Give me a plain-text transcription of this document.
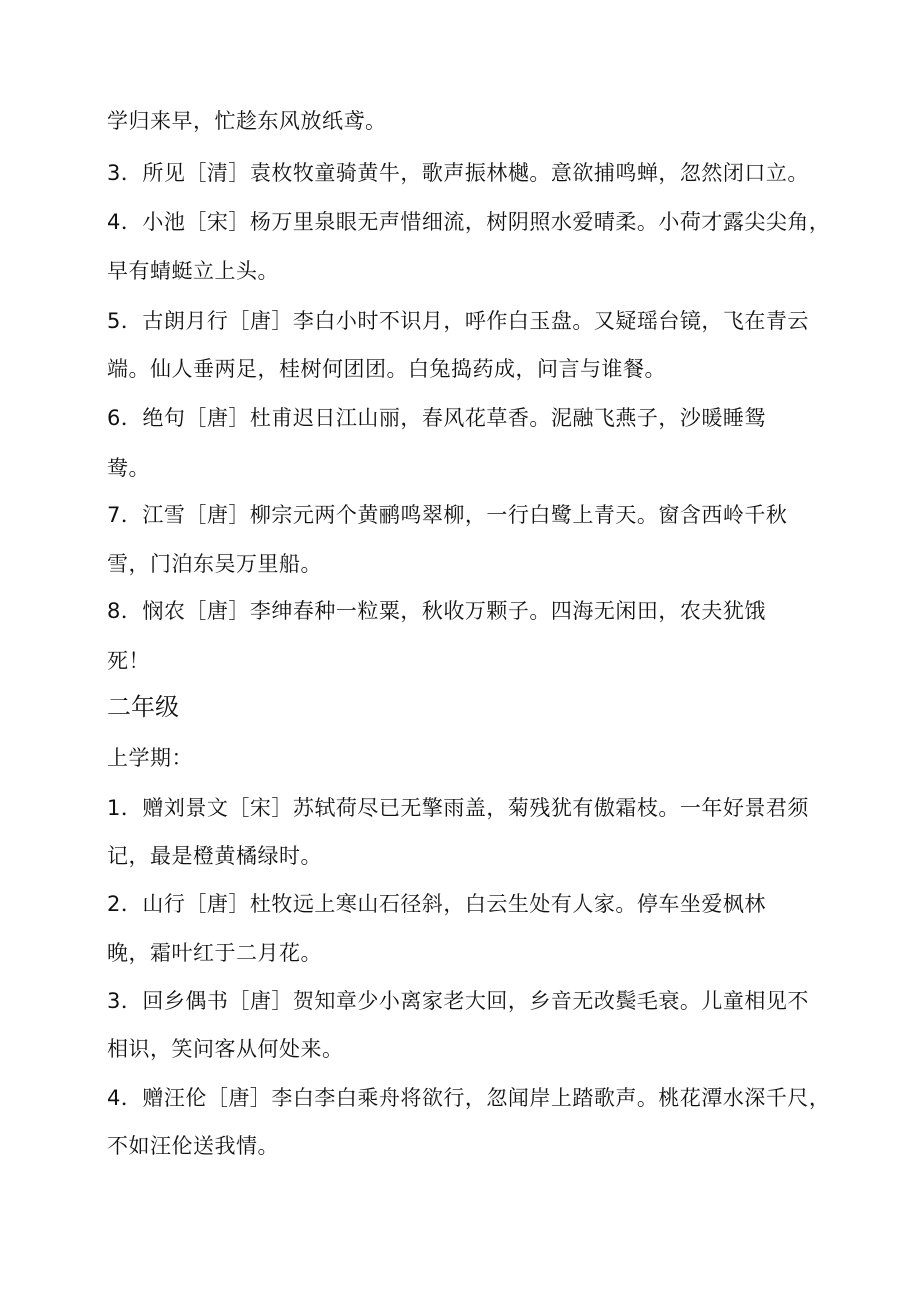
学归来早，忙趁东风放纸鸢。
3．所见［清］袁枚牧童骑黄牛，歌声振林樾。意欲捕鸣蝉，忽然闭口立。
4．小池［宋］杨万里泉眼无声惜细流，树阴照水爱晴柔。小荷才露尖尖角，
早有蜻蜓立上头。
5．古朗月行［唐］李白小时不识月，呼作白玉盘。又疑瑶台镜，飞在青云
端。仙人垂两足，桂树何团团。白兔捣药成，问言与谁餐。
6．绝句［唐］杜甫迟日江山丽，春风花草香。泥融飞燕子，沙暖睡鸳
鸯。
7．江雪［唐］柳宗元两个黄鹂鸣翠柳，一行白鹭上青天。窗含西岭千秋
雪，门泊东吴万里船。
8．悯农［唐］李绅春种一粒粟，秋收万颗子。四海无闲田，农夫犹饿
死！
二年级
上学期：
1．赠刘景文［宋］苏轼荷尽已无擎雨盖，菊残犹有傲霜枝。一年好景君须
记，最是橙黄橘绿时。
2．山行［唐］杜牧远上寒山石径斜，白云生处有人家。停车坐爱枫林
晚，霜叶红于二月花。
3．回乡偶书［唐］贺知章少小离家老大回，乡音无改鬓毛衰。儿童相见不
相识，笑问客从何处来。
4．赠汪伦［唐］李白李白乘舟将欲行，忽闻岸上踏歌声。桃花潭水深千尺，
不如汪伦送我情。
